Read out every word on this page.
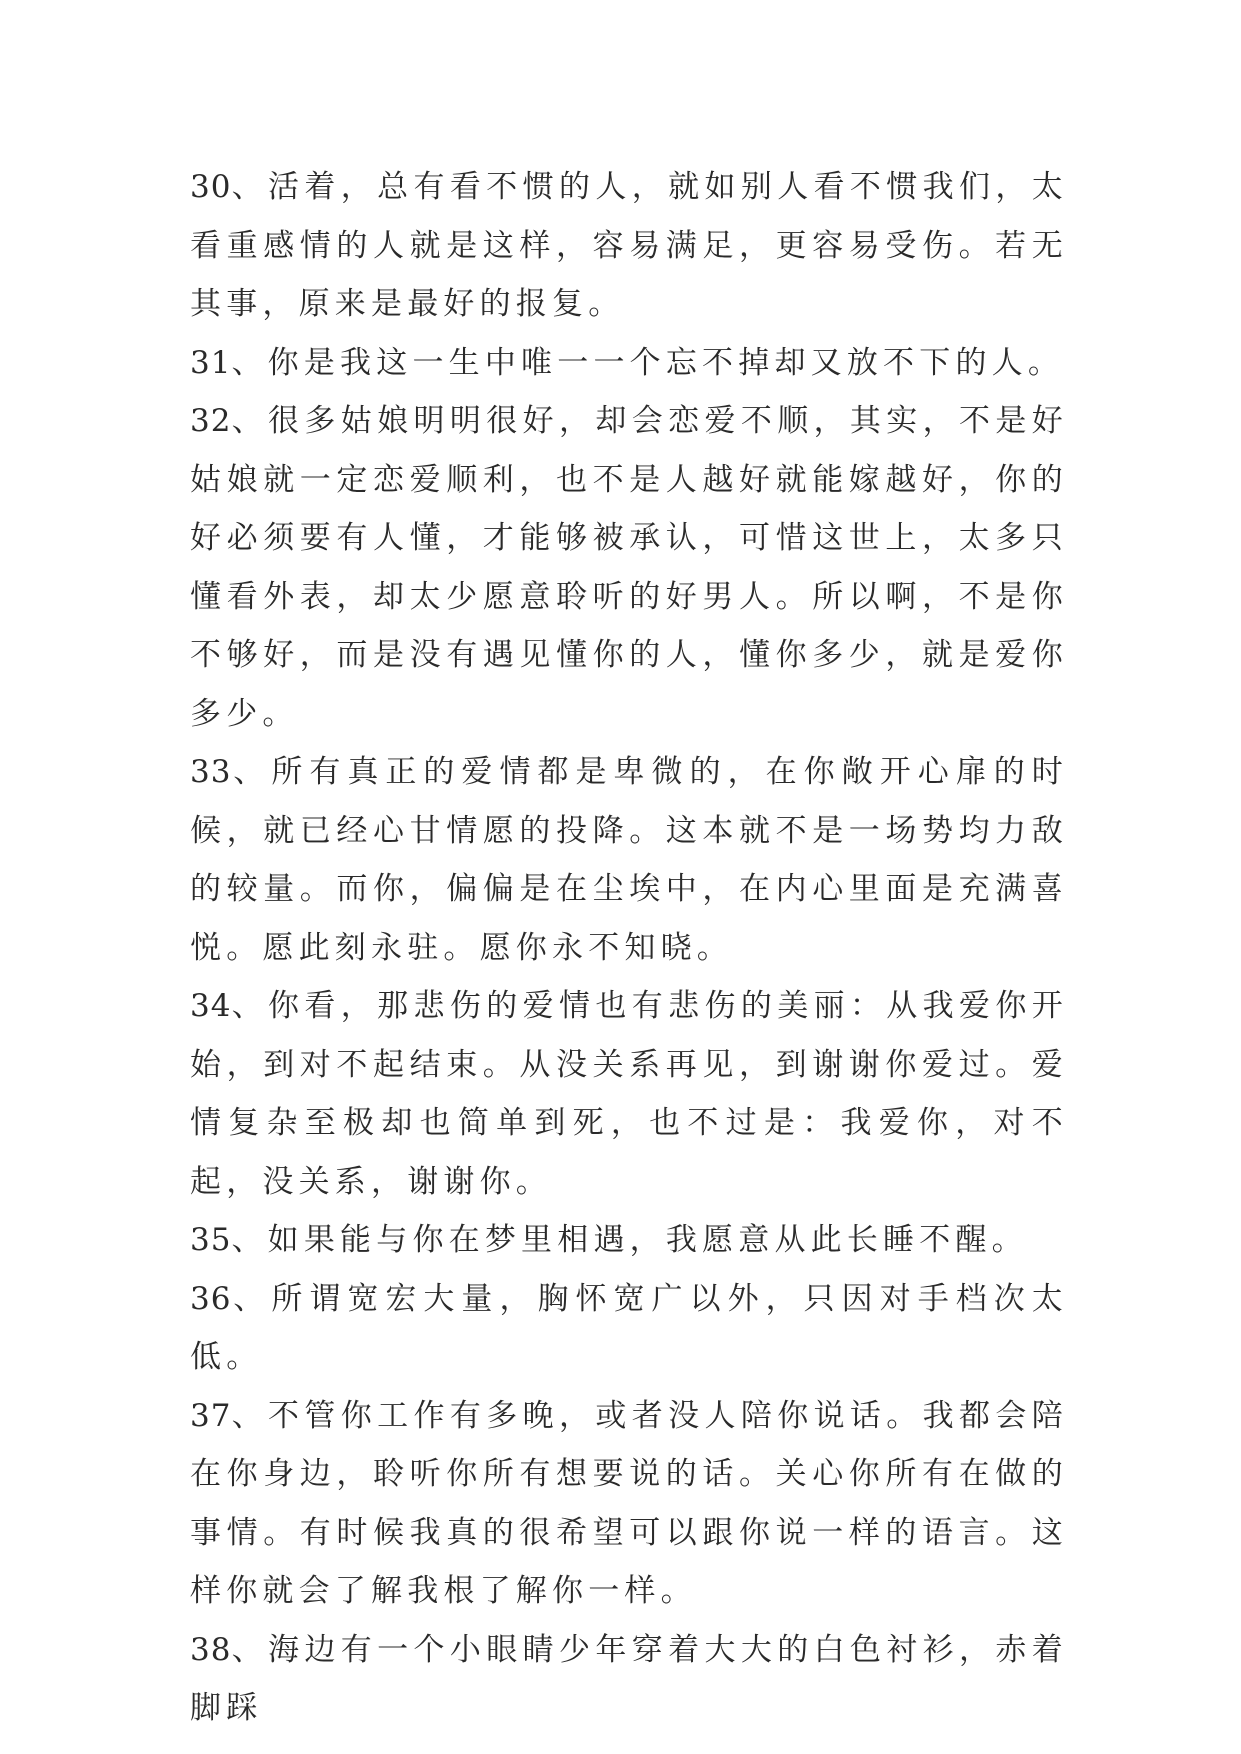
30、活着，总有看不惯的人，就如别人看不惯我们，太看重感情的人就是这样，容易满足，更容易受伤。若无其事，原来是最好的报复。

31、你是我这一生中唯一一个忘不掉却又放不下的人。

32、很多姑娘明明很好，却会恋爱不顺，其实，不是好姑娘就一定恋爱顺利，也不是人越好就能嫁越好，你的好必须要有人懂，才能够被承认，可惜这世上，太多只懂看外表，却太少愿意聆听的好男人。所以啊，不是你不够好，而是没有遇见懂你的人，懂你多少，就是爱你多少。

33、所有真正的爱情都是卑微的，在你敞开心扉的时候，就已经心甘情愿的投降。这本就不是一场势均力敌的较量。而你，偏偏是在尘埃中，在内心里面是充满喜悦。愿此刻永驻。愿你永不知晓。

34、你看，那悲伤的爱情也有悲伤的美丽：从我爱你开始，到对不起结束。从没关系再见，到谢谢你爱过。爱情复杂至极却也简单到死，也不过是：我爱你，对不起，没关系，谢谢你。

35、如果能与你在梦里相遇，我愿意从此长睡不醒。

36、所谓宽宏大量，胸怀宽广以外，只因对手档次太低。

37、不管你工作有多晚，或者没人陪你说话。我都会陪 在你身边，聆听你所有想要说的话。关心你所有在做的事情。有时候我真的很希望可以跟你说一样的语言。这样你就会了解我根了解你一样。

38、海边有一个小眼睛少年穿着大大的白色衬衫，赤着脚踩
